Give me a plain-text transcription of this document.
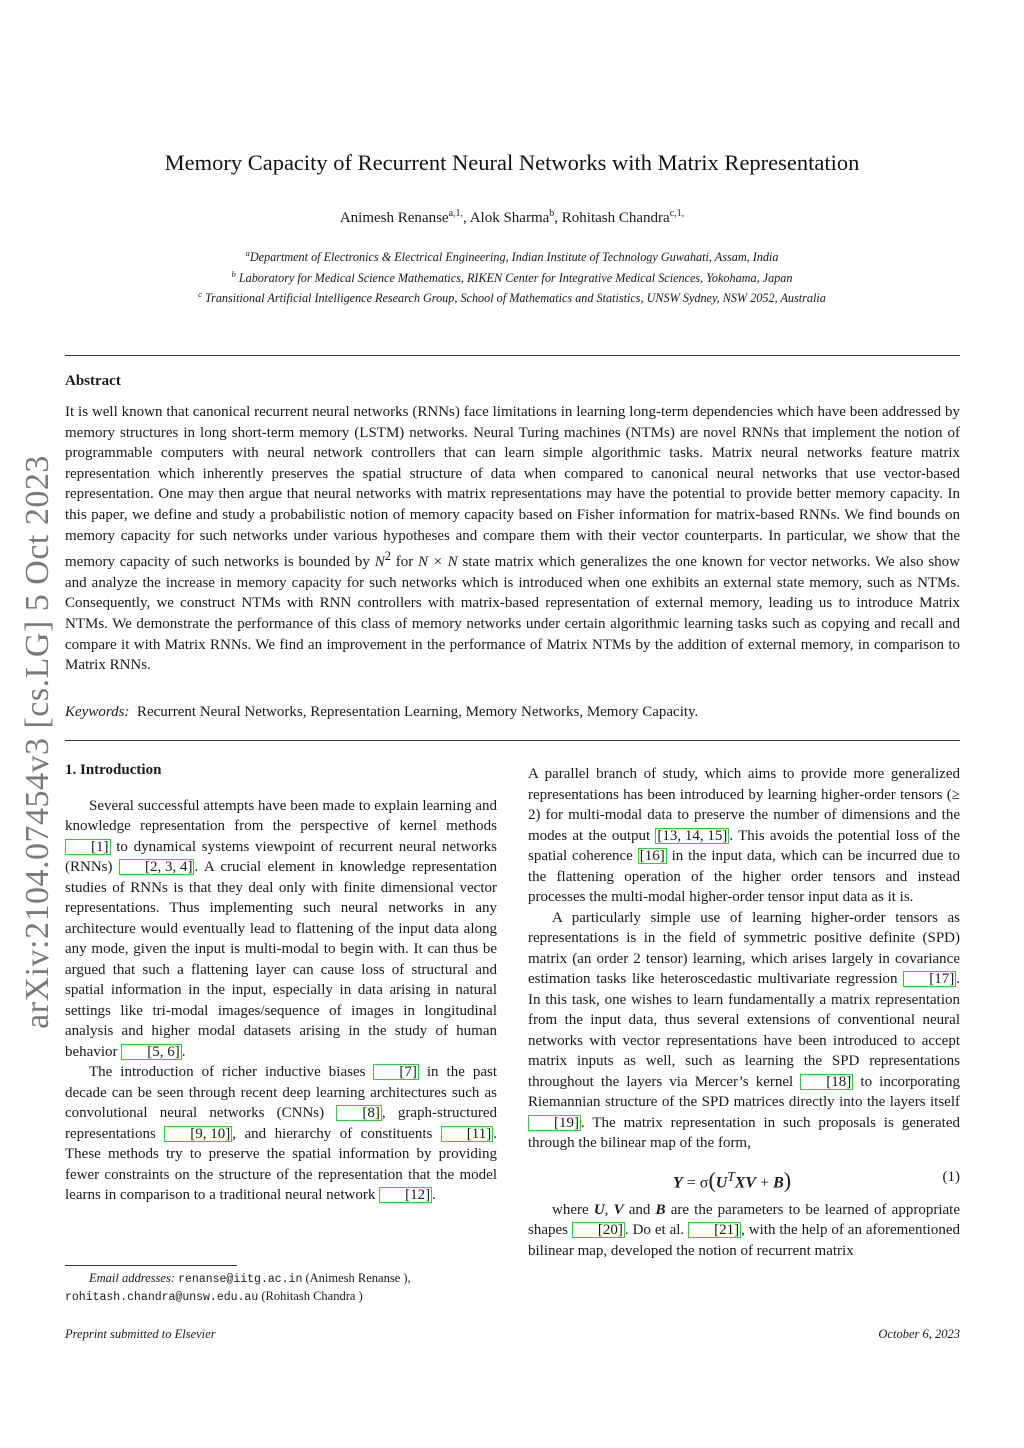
arXiv:2104.07454v3 [cs.LG] 5 Oct 2023
Memory Capacity of Recurrent Neural Networks with Matrix Representation
Animesh Renanse$^{a,1,}$, Alok Sharma$^b$, Rohitash Chandra$^{c,1,}$
$^a$Department of Electronics & Electrical Engineering, Indian Institute of Technology Guwahati, Assam, India
$^b$ Laboratory for Medical Science Mathematics, RIKEN Center for Integrative Medical Sciences, Yokohama, Japan
$^c$ Transitional Artificial Intelligence Research Group, School of Mathematics and Statistics, UNSW Sydney, NSW 2052, Australia
Abstract
It is well known that canonical recurrent neural networks (RNNs) face limitations in learning long-term dependencies which have been addressed by memory structures in long short-term memory (LSTM) networks. Neural Turing machines (NTMs) are novel RNNs that implement the notion of programmable computers with neural network controllers that can learn simple algorithmic tasks. Matrix neural networks feature matrix representation which inherently preserves the spatial structure of data when compared to canonical neural networks that use vector-based representation. One may then argue that neural networks with matrix representations may have the potential to provide better memory capacity. In this paper, we define and study a probabilistic notion of memory capacity based on Fisher information for matrix-based RNNs. We find bounds on memory capacity for such networks under various hypotheses and compare them with their vector counterparts. In particular, we show that the memory capacity of such networks is bounded by $N^2$ for N × N state matrix which generalizes the one known for vector networks. We also show and analyze the increase in memory capacity for such networks which is introduced when one exhibits an external state memory, such as NTMs. Consequently, we construct NTMs with RNN controllers with matrix-based representation of external memory, leading us to introduce Matrix NTMs. We demonstrate the performance of this class of memory networks under certain algorithmic learning tasks such as copying and recall and compare it with Matrix RNNs. We find an improvement in the performance of Matrix NTMs by the addition of external memory, in comparison to Matrix RNNs.
Keywords: Recurrent Neural Networks, Representation Learning, Memory Networks, Memory Capacity.
1. Introduction

Several successful attempts have been made to explain learning and knowledge representation from the perspective of kernel methods [1] to dynamical systems viewpoint of recurrent neural networks (RNNs) [2, 3, 4] . A crucial element in knowledge representation studies of RNNs is that they deal only with finite dimensional vector representations. Thus implementing such neural networks in any architecture would eventually lead to flattening of the input data along any mode, given the input is multi-modal to begin with. It can thus be argued that such a flattening layer can cause loss of structural and spatial information in the input, especially in data arising in natural settings like tri-modal images/sequence of images in longitudinal analysis and higher modal datasets arising in the study of human behavior [5, 6] .

The introduction of richer inductive biases [7] in the past decade can be seen through recent deep learning architectures such as convolutional neural networks (CNNs) [8] , graph-structured representations [9, 10] , and hierarchy of constituents [11] . These methods try to preserve the spatial information by providing fewer constraints on the structure of the representation that the model learns in comparison to a traditional neural network [12] .

A parallel branch of study, which aims to provide more generalized representations has been introduced by learning higher-order tensors (≥ 2) for multi-modal data to preserve the number of dimensions and the modes at the output [13, 14, 15] . This avoids the potential loss of the spatial coherence [16] in the input data, which can be incurred due to the flattening operation of the higher order tensors and instead processes the multi-modal higher-order tensor input data as it is.

A particularly simple use of learning higher-order tensors as representations is in the field of symmetric positive definite (SPD) matrix (an order 2 tensor) learning, which arises largely in covariance estimation tasks like heteroscedastic multivariate regression [17] . In this task, one wishes to learn fundamentally a matrix representation from the input data, thus several extensions of conventional neural networks with vector representations have been introduced to accept matrix inputs as well, such as learning the SPD representations throughout the layers via Mercer’s kernel [18] to incorporating Riemannian structure of the SPD matrices directly into the layers itself [19] . The matrix representation in such proposals is generated through the bilinear map of the form,

$Y = \sigma(U^TXV + B)$	(1)

where U, V and B are the parameters to be learned of appropriate shapes [20] . Do et al. [21] , with the help of an aforementioned bilinear map, developed the notion of recurrent matrix

Email addresses: renanse@iitg.ac.in (Animesh Renanse ),
rohitash.chandra@unsw.edu.au (Rohitash Chandra )
Preprint submitted to Elsevier	October 6, 2023
